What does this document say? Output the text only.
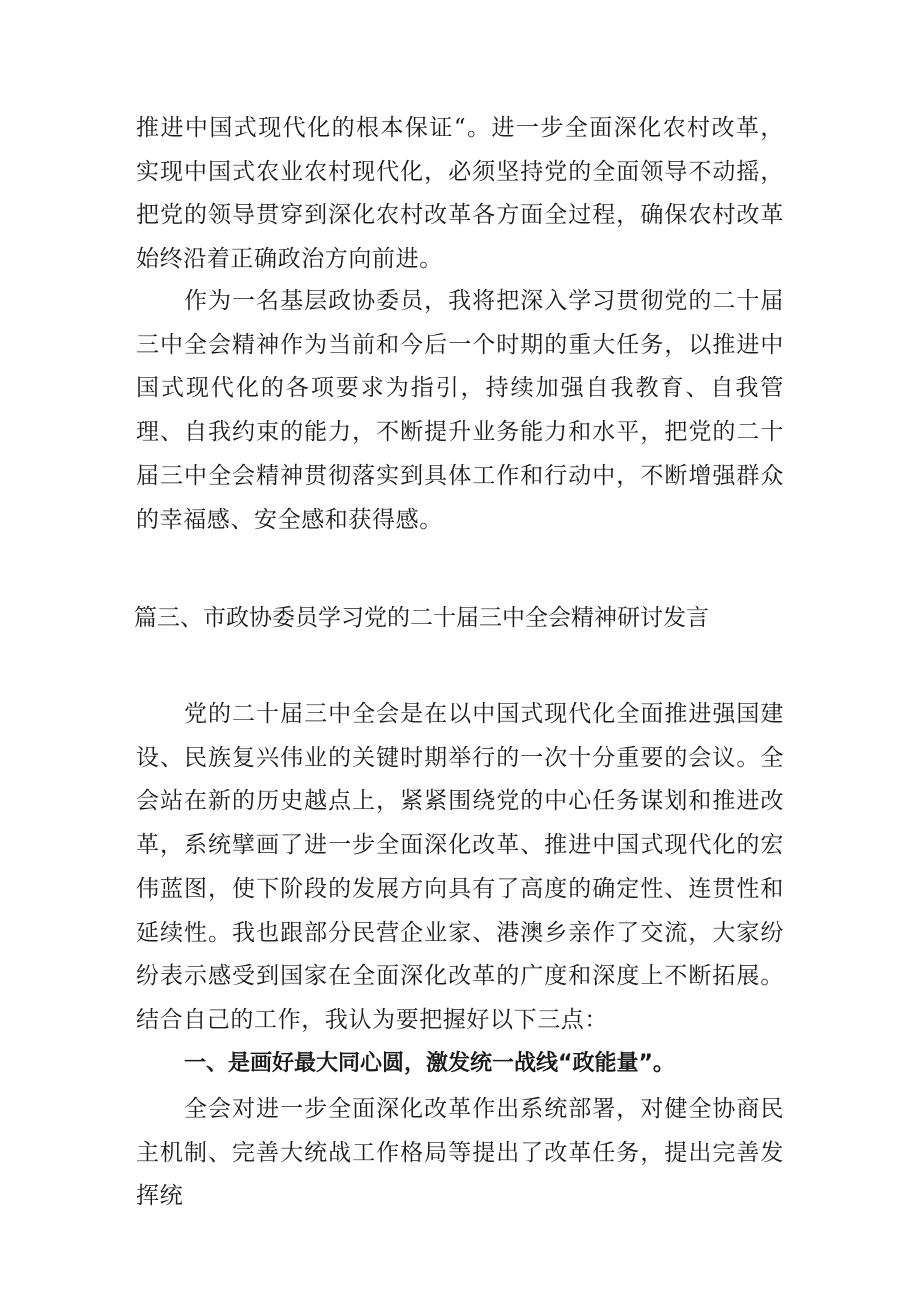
推进中国式现代化的根本保证“。进一步全面深化农村改革，实现中国式农业农村现代化，必须坚持党的全面领导不动摇，把党的领导贯穿到深化农村改革各方面全过程，确保农村改革始终沿着正确政治方向前进。

作为一名基层政协委员，我将把深入学习贯彻党的二十届三中全会精神作为当前和今后一个时期的重大任务，以推进中国式现代化的各项要求为指引，持续加强自我教育、自我管理、自我约束的能力，不断提升业务能力和水平，把党的二十届三中全会精神贯彻落实到具体工作和行动中，不断增强群众的幸福感、安全感和获得感。

篇三、市政协委员学习党的二十届三中全会精神研讨发言

党的二十届三中全会是在以中国式现代化全面推进强国建设、民族复兴伟业的关键时期举行的一次十分重要的会议。全会站在新的历史越点上，紧紧围绕党的中心任务谋划和推进改革，系统擘画了进一步全面深化改革、推进中国式现代化的宏伟蓝图，使下阶段的发展方向具有了高度的确定性、连贯性和延续性。我也跟部分民营企业家、港澳乡亲作了交流，大家纷纷表示感受到国家在全面深化改革的广度和深度上不断拓展。结合自己的工作，我认为要把握好以下三点：

一、是画好最大同心圆，激发统一战线“政能量”。

全会对进一步全面深化改革作出系统部署，对健全协商民主机制、完善大统战工作格局等提出了改革任务，提出完善发挥统
